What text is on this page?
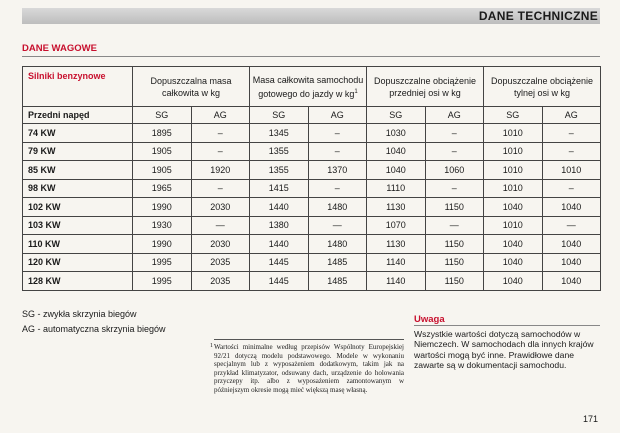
DANE TECHNICZNE
DANE WAGOWE
Silniki benzynowe	Dopuszczalna masa całkowita w kg		Masa całkowita samochodu gotowego do jazdy w $kg^1$		Dopuszczalne obciążenie przedniej osi w kg		Dopuszczalne obciążenie tylnej osi w kg	
Przedni napęd	SG	AG	SG	AG	SG	AG	SG	AG
74 KW	1895	–	1345	–	1030	–	1010	–
79 KW	1905	–	1355	–	1040	–	1010	–
85 KW	1905	1920	1355	1370	1040	1060	1010	1010
98 KW	1965	–	1415	–	1110	–	1010	–
102 KW	1990	2030	1440	1480	1130	1150	1040	1040
103 KW	1930	—	1380	—	1070	—	1010	—
110 KW	1990	2030	1440	1480	1130	1150	1040	1040
120 KW	1995	2035	1445	1485	1140	1150	1040	1040
128 KW	1995	2035	1445	1485	1140	1150	1040	1040
SG - zwykła skrzynia biegów
AG - automatyczna skrzynia biegów
1 Wartości minimalne według przepisów Wspólnoty Europejskiej 92/21 dotyczą modelu podstawowego. Modele w wykonaniu specjalnym lub z wyposażeniem dodatkowym, takim jak na przykład klimatyzator, odsuwany dach, urządzenie do holowania przyczepy itp. albo z wyposażeniem zamontowanym w późniejszym okresie mogą mieć większą masę własną.
Uwaga
Wszystkie wartości dotyczą samochodów w Niemczech. W samochodach dla innych krajów wartości mogą być inne. Prawidłowe dane zawarte są w dokumentacji samochodu.
171
